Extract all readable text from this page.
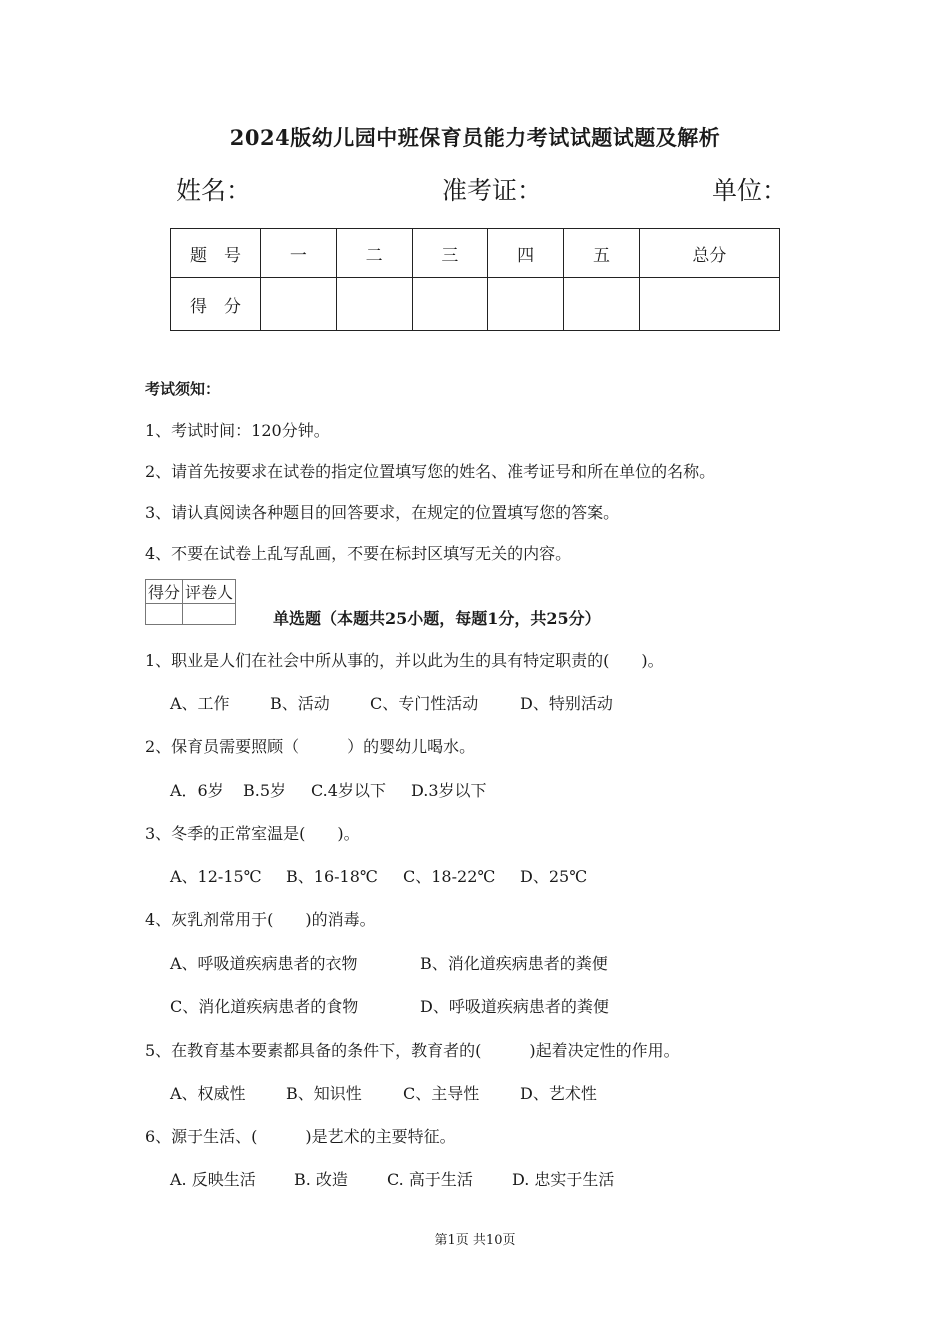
2024版幼儿园中班保育员能力考试试题试题及解析
姓名：	准考证：	单位：
题　号	一	二	三	四	五	总分
得　分						
考试须知：
1、考试时间：120分钟。
2、请首先按要求在试卷的指定位置填写您的姓名、准考证号和所在单位的名称。
3、请认真阅读各种题目的回答要求，在规定的位置填写您的答案。
4、不要在试卷上乱写乱画，不要在标封区填写无关的内容。
得分	评卷人

单选题（本题共25小题，每题1分，共25分）
1、职业是人们在社会中所从事的，并以此为生的具有特定职责的(　　)。
A、工作	B、活动	C、专门性活动	D、特别活动
2、保育员需要照顾（　　　）的婴幼儿喝水。
A．6岁 B.5岁 C.4岁以下 D.3岁以下
3、冬季的正常室温是(　　)。
A、12-15℃ B、16-18℃ C、18-22℃ D、25℃
4、灰乳剂常用于(　　)的消毒。
A、呼吸道疾病患者的衣物	B、消化道疾病患者的粪便
C、消化道疾病患者的食物	D、呼吸道疾病患者的粪便
5、在教育基本要素都具备的条件下，教育者的(　　　)起着决定性的作用。
A、权威性	B、知识性	C、主导性	D、艺术性
6、源于生活、(　　　)是艺术的主要特征。
A. 反映生活 B. 改造 C. 高于生活 D. 忠实于生活
第1页 共10页
